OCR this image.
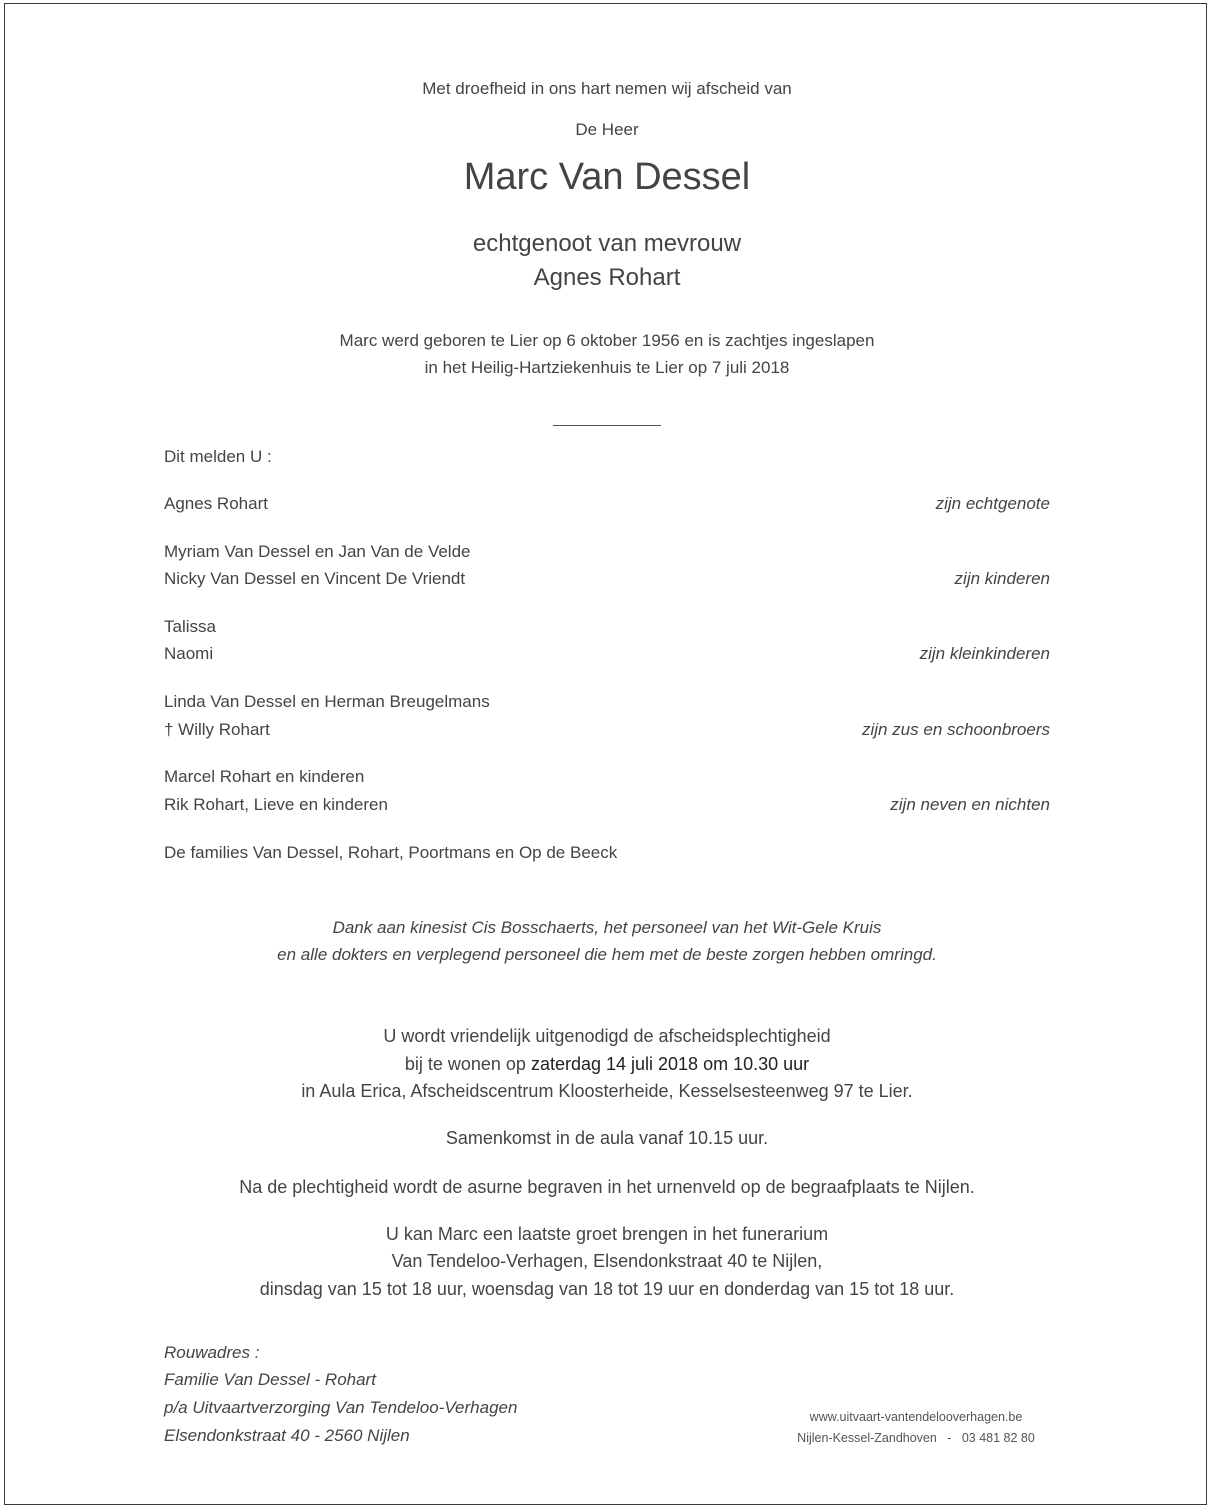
Met droefheid in ons hart nemen wij afscheid van
De Heer
Marc Van Dessel
echtgenoot van mevrouw
Agnes Rohart
Marc werd geboren te Lier op 6 oktober 1956 en is zachtjes ingeslapen
in het Heilig-Hartziekenhuis te Lier op 7 juli 2018
Dit melden U :
Agnes Rohart	zijn echtgenote
Myriam Van Dessel en Jan Van de Velde
Nicky Van Dessel en Vincent De Vriendt	zijn kinderen
Talissa
Naomi	zijn kleinkinderen
Linda Van Dessel en Herman Breugelmans
† Willy Rohart	zijn zus en schoonbroers
Marcel Rohart en kinderen
Rik Rohart, Lieve en kinderen	zijn neven en nichten
De families Van Dessel, Rohart, Poortmans en Op de Beeck
Dank aan kinesist Cis Bosschaerts, het personeel van het Wit-Gele Kruis
en alle dokters en verplegend personeel die hem met de beste zorgen hebben omringd.
U wordt vriendelijk uitgenodigd de afscheidsplechtigheid
bij te wonen op zaterdag 14 juli 2018 om 10.30 uur
in Aula Erica, Afscheidscentrum Kloosterheide, Kesselsesteenweg 97 te Lier.
Samenkomst in de aula vanaf 10.15 uur.
Na de plechtigheid wordt de asurne begraven in het urnenveld op de begraafplaats te Nijlen.
U kan Marc een laatste groet brengen in het funerarium
Van Tendeloo-Verhagen, Elsendonkstraat 40 te Nijlen,
dinsdag van 15 tot 18 uur, woensdag van 18 tot 19 uur en donderdag van 15 tot 18 uur.
Rouwadres :
Familie Van Dessel - Rohart
p/a Uitvaartverzorging Van Tendeloo-Verhagen
Elsendonkstraat 40 - 2560 Nijlen
www.uitvaart-vantendelooverhagen.be
Nijlen-Kessel-Zandhoven   -   03 481 82 80
